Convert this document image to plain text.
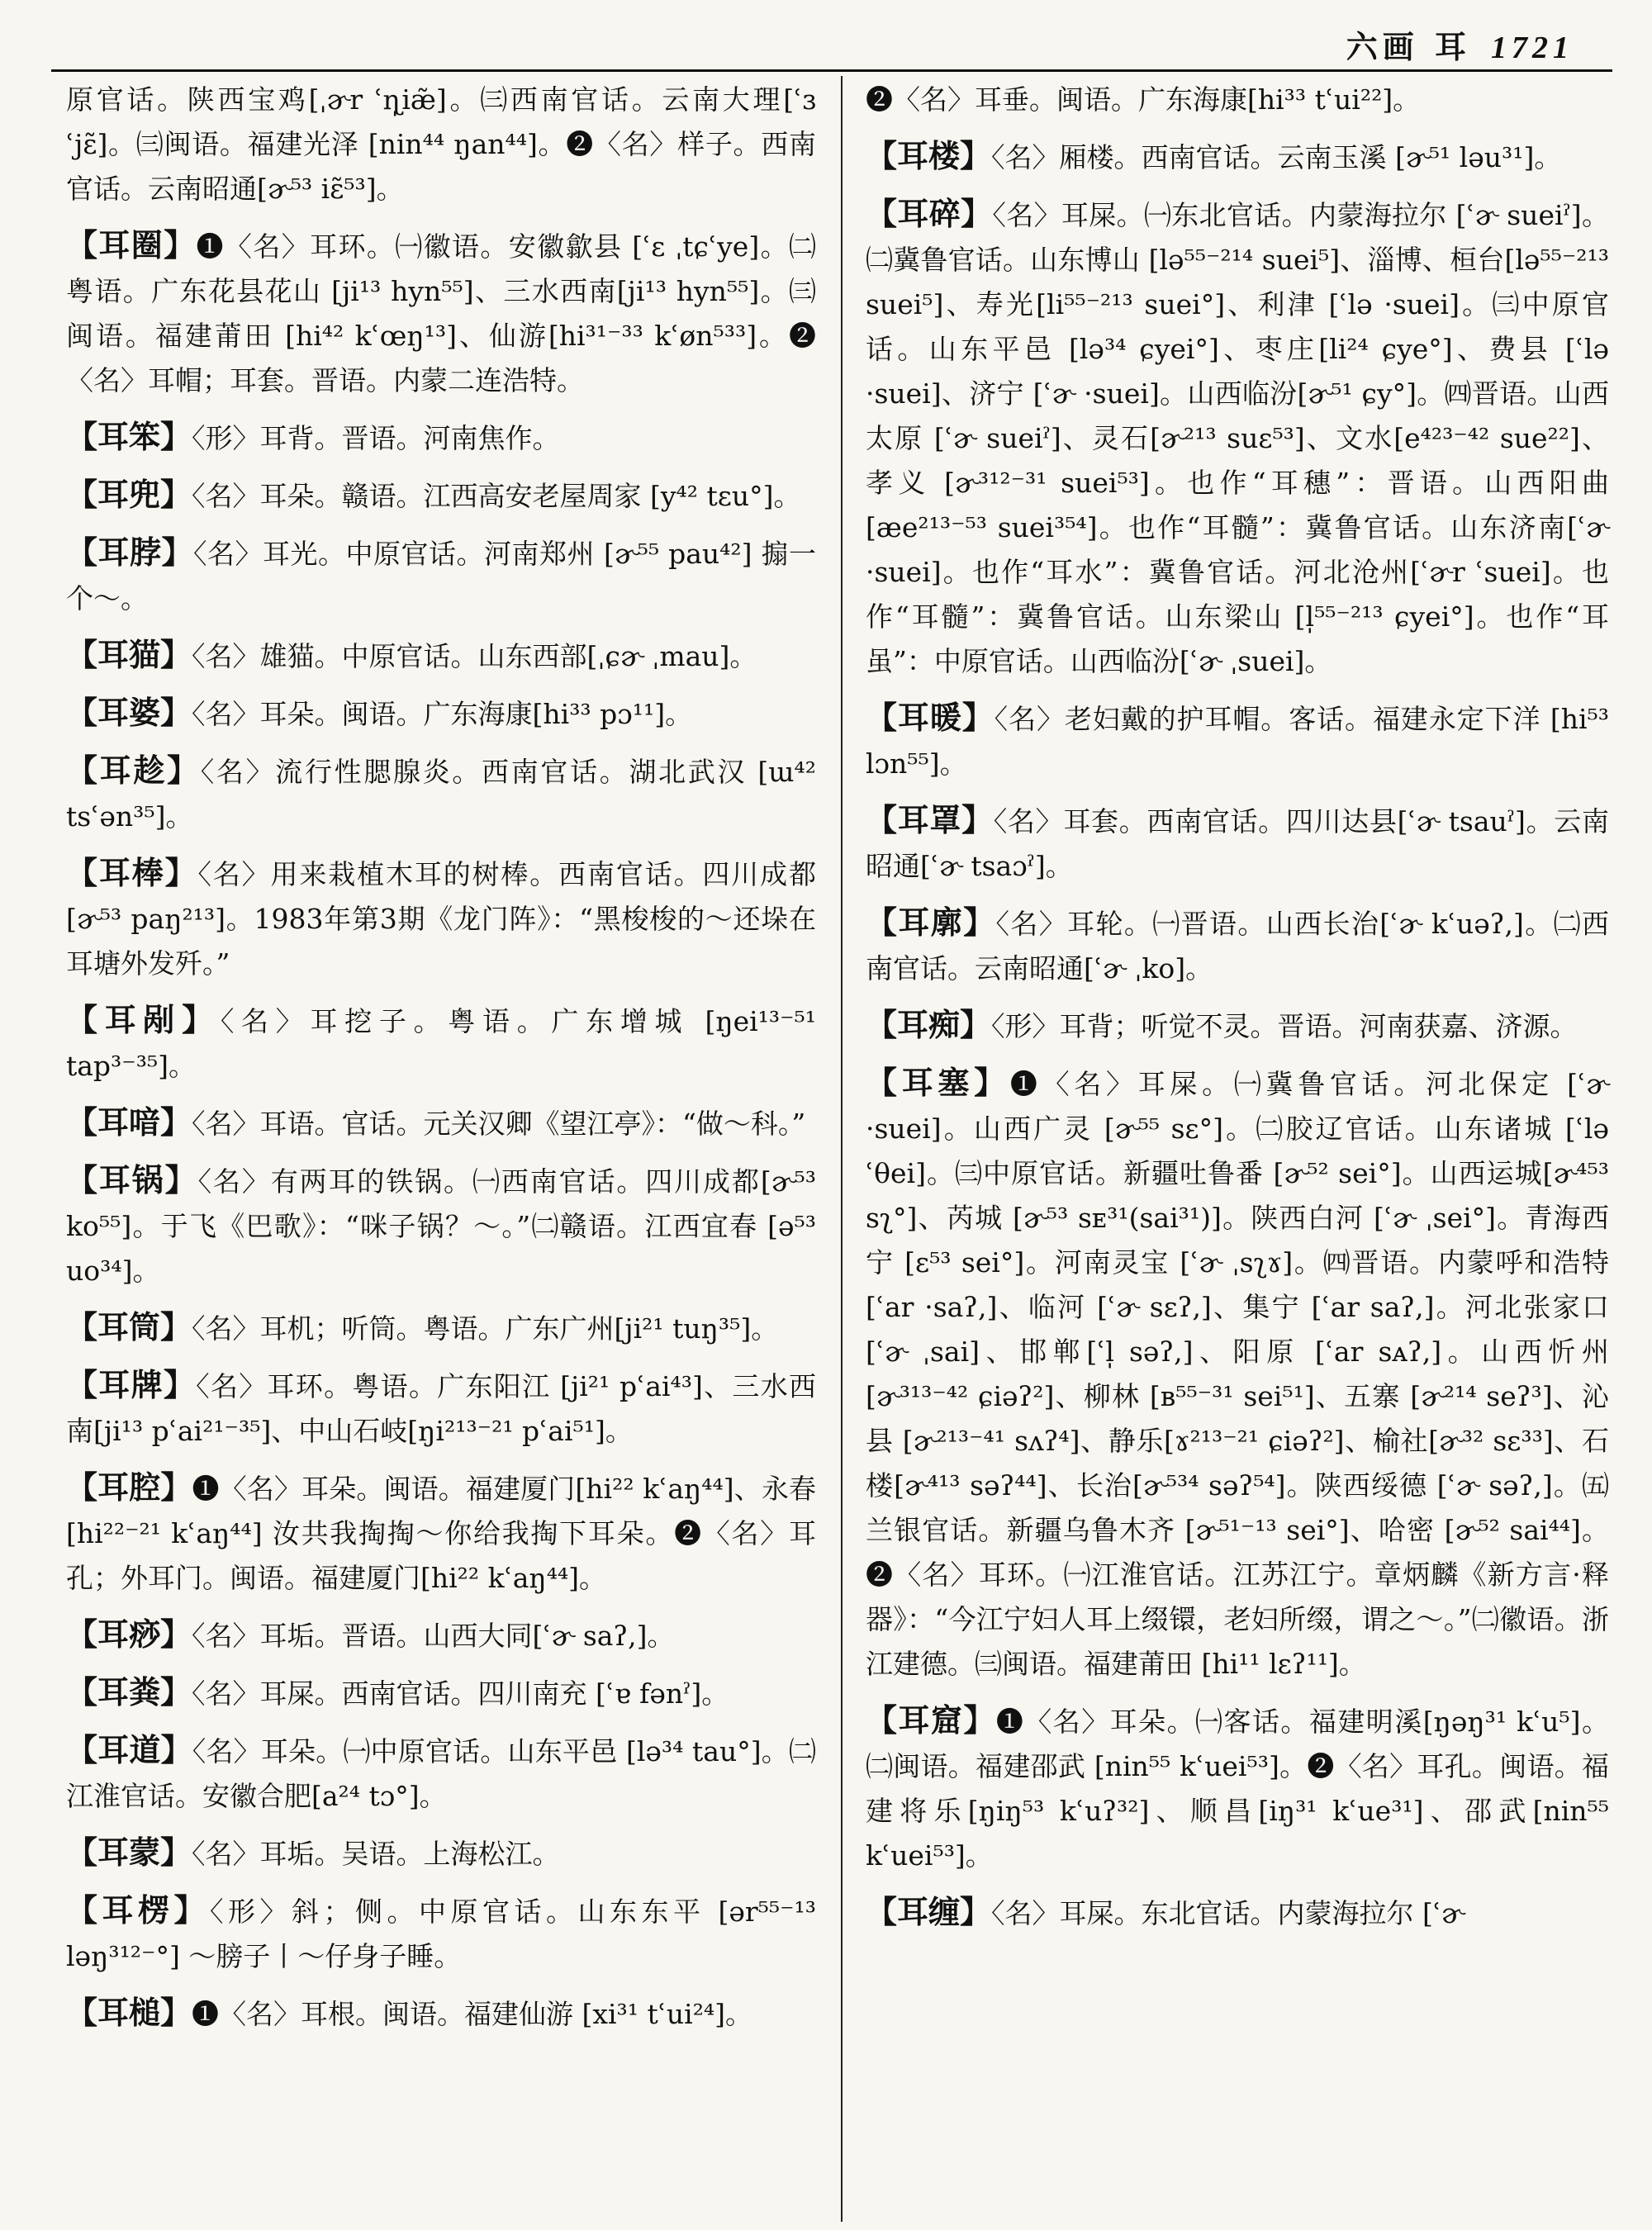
六画 耳 1721

原官话。陕西宝鸡[ˌɚr ʿɳ̩iæ̃]。㈢西南官话。云南大理[ʿɜ ʿjɛ̃]。㈢闽语。福建光泽 [nin⁴⁴ ŋan⁴⁴]。❷〈名〉样子。西南官话。云南昭通[ɚ⁵³ iɛ̃⁵³]。

【耳圈】❶〈名〉耳环。㈠徽语。安徽歙县 [ʿɛ ˌtɕʿye]。㈡粤语。广东花县花山 [ji¹³ hyn⁵⁵]、三水西南[ji¹³ hyn⁵⁵]。㈢闽语。福建莆田 [hi⁴² kʿœŋ¹³]、仙游[hi³¹⁻³³ kʿøn⁵³³]。❷〈名〉耳帽；耳套。晋语。内蒙二连浩特。

【耳笨】〈形〉耳背。晋语。河南焦作。

【耳兜】〈名〉耳朵。赣语。江西高安老屋周家 [y⁴² tɛu°]。

【耳脖】〈名〉耳光。中原官话。河南郑州 [ɚ⁵⁵ pau⁴²] 搧一个～。

【耳猫】〈名〉雄猫。中原官话。山东西部[ˌɕɚ ˌmau]。

【耳婆】〈名〉耳朵。闽语。广东海康[hi³³ pɔ¹¹]。

【耳趁】〈名〉流行性腮腺炎。西南官话。湖北武汉 [ɯ⁴² tsʿən³⁵]。

【耳棒】〈名〉用来栽植木耳的树棒。西南官话。四川成都[ɚ⁵³ paŋ²¹³]。1983年第3期《龙门阵》：“黑梭梭的～还垛在耳塘外发歼。”

【耳剐】〈名〉耳挖子。粤语。广东增城 [ŋei¹³⁻⁵¹ tap³⁻³⁵]。

【耳喑】〈名〉耳语。官话。元关汉卿《望江亭》：“做～科。”

【耳锅】〈名〉有两耳的铁锅。㈠西南官话。四川成都[ɚ⁵³ ko⁵⁵]。于飞《巴歌》：“咪子锅？～。”㈡赣语。江西宜春 [ə⁵³ uo³⁴]。

【耳筒】〈名〉耳机；听筒。粤语。广东广州[ji²¹ tuŋ³⁵]。

【耳牌】〈名〉耳环。粤语。广东阳江 [ji²¹ pʿai⁴³]、三水西南[ji¹³ pʿai²¹⁻³⁵]、中山石岐[ŋi²¹³⁻²¹ pʿai⁵¹]。

【耳腔】❶〈名〉耳朵。闽语。福建厦门[hi²² kʿaŋ⁴⁴]、永春 [hi²²⁻²¹ kʿaŋ⁴⁴] 汝共我掏掏～你给我掏下耳朵。❷〈名〉耳孔；外耳门。闽语。福建厦门[hi²² kʿaŋ⁴⁴]。

【耳痧】〈名〉耳垢。晋语。山西大同[ʿɚ saʔ,]。

【耳粪】〈名〉耳屎。西南官话。四川南充 [ʿɐ fənˀ]。

【耳道】〈名〉耳朵。㈠中原官话。山东平邑 [lə³⁴ tau°]。㈡江淮官话。安徽合肥[a²⁴ tɔ°]。

【耳蒙】〈名〉耳垢。吴语。上海松江。

【耳楞】〈形〉斜；侧。中原官话。山东东平 [ər⁵⁵⁻¹³ ləŋ³¹²⁻°] ～膀子丨～仔身子睡。

【耳槌】❶〈名〉耳根。闽语。福建仙游 [xi³¹ tʿui²⁴]。

❷〈名〉耳垂。闽语。广东海康[hi³³ tʿui²²]。

【耳楼】〈名〉厢楼。西南官话。云南玉溪 [ɚ⁵¹ ləu³¹]。

【耳碎】〈名〉耳屎。㈠东北官话。内蒙海拉尔 [ʿɚ sueiˀ]。㈡冀鲁官话。山东博山 [lə⁵⁵⁻²¹⁴ suei⁵]、淄博、桓台[lə⁵⁵⁻²¹³ suei⁵]、寿光[li⁵⁵⁻²¹³ suei°]、利津 [ʿlə ·suei]。㈢中原官话。山东平邑 [lə³⁴ ɕyei°]、枣庄[li²⁴ ɕye°]、费县 [ʿlə ·suei]、济宁 [ʿɚ ·suei]。山西临汾[ɚ⁵¹ ɕy°]。㈣晋语。山西太原 [ʿɚ sueiˀ]、灵石[ɚ²¹³ suɛ⁵³]、文水[e⁴²³⁻⁴² sue²²]、孝义 [ɚ³¹²⁻³¹ suei⁵³]。也作“耳穗”：晋语。山西阳曲 [æe²¹³⁻⁵³ suei³⁵⁴]。也作“耳髓”：冀鲁官话。山东济南[ʿɚ ·suei]。也作“耳水”：冀鲁官话。河北沧州[ʿɚr ʿsuei]。也作“耳髓”：冀鲁官话。山东梁山 [l̩⁵⁵⁻²¹³ ɕyei°]。也作“耳虽”：中原官话。山西临汾[ʿɚ ˌsuei]。

【耳暖】〈名〉老妇戴的护耳帽。客话。福建永定下洋 [hi⁵³ lɔn⁵⁵]。

【耳罩】〈名〉耳套。西南官话。四川达县[ʿɚ tsauˀ]。云南昭通[ʿɚ tsaɔˀ]。

【耳廓】〈名〉耳轮。㈠晋语。山西长治[ʿɚ kʿuəʔ,]。㈡西南官话。云南昭通[ʿɚ ˌko]。

【耳痴】〈形〉耳背；听觉不灵。晋语。河南获嘉、济源。

【耳塞】❶〈名〉耳屎。㈠冀鲁官话。河北保定 [ʿɚ ·suei]。山西广灵 [ɚ⁵⁵ sɛ°]。㈡胶辽官话。山东诸城 [ʿlə ʿθei]。㈢中原官话。新疆吐鲁番 [ɚ⁵² sei°]。山西运城[ɚ⁴⁵³ sʅ°]、芮城 [ɚ⁵³ sᴇ³¹(sai³¹)]。陕西白河 [ʿɚ ˌsei°]。青海西宁 [ɛ⁵³ sei°]。河南灵宝 [ʿɚ ˌsʅɤ]。㈣晋语。内蒙呼和浩特[ʿar ·saʔ,]、临河 [ʿɚ sɛʔ,]、集宁 [ʿar saʔ,]。河北张家口 [ʿɚ ˌsai]、邯郸[ʿl̩ səʔ,]、阳原 [ʿar sᴀʔ,]。山西忻州 [ɚ³¹³⁻⁴² ɕiəʔ²]、柳林 [ʙ⁵⁵⁻³¹ sei⁵¹]、五寨 [ɚ²¹⁴ seʔ³]、沁县 [ɚ²¹³⁻⁴¹ sʌʔ⁴]、静乐[ɤ²¹³⁻²¹ ɕiəʔ²]、榆社[ɚ³² sɛ³³]、石楼[ɚ⁴¹³ səʔ⁴⁴]、长治[ɚ⁵³⁴ səʔ⁵⁴]。陕西绥德 [ʿɚ səʔ,]。㈤兰银官话。新疆乌鲁木齐 [ɚ⁵¹⁻¹³ sei°]、哈密 [ɚ⁵² sai⁴⁴]。❷〈名〉耳环。㈠江淮官话。江苏江宁。章炳麟《新方言·释器》：“今江宁妇人耳上缀镮，老妇所缀，谓之～。”㈡徽语。浙江建德。㈢闽语。福建莆田 [hi¹¹ lɛʔ¹¹]。

【耳窟】❶〈名〉耳朵。㈠客话。福建明溪[ŋəŋ³¹ kʿu⁵]。㈡闽语。福建邵武 [nin⁵⁵ kʿuei⁵³]。❷〈名〉耳孔。闽语。福建将乐[ŋiŋ⁵³ kʿuʔ³²]、顺昌[iŋ³¹ kʿue³¹]、邵武[nin⁵⁵ kʿuei⁵³]。

【耳缠】〈名〉耳屎。东北官话。内蒙海拉尔 [ʿɚ
